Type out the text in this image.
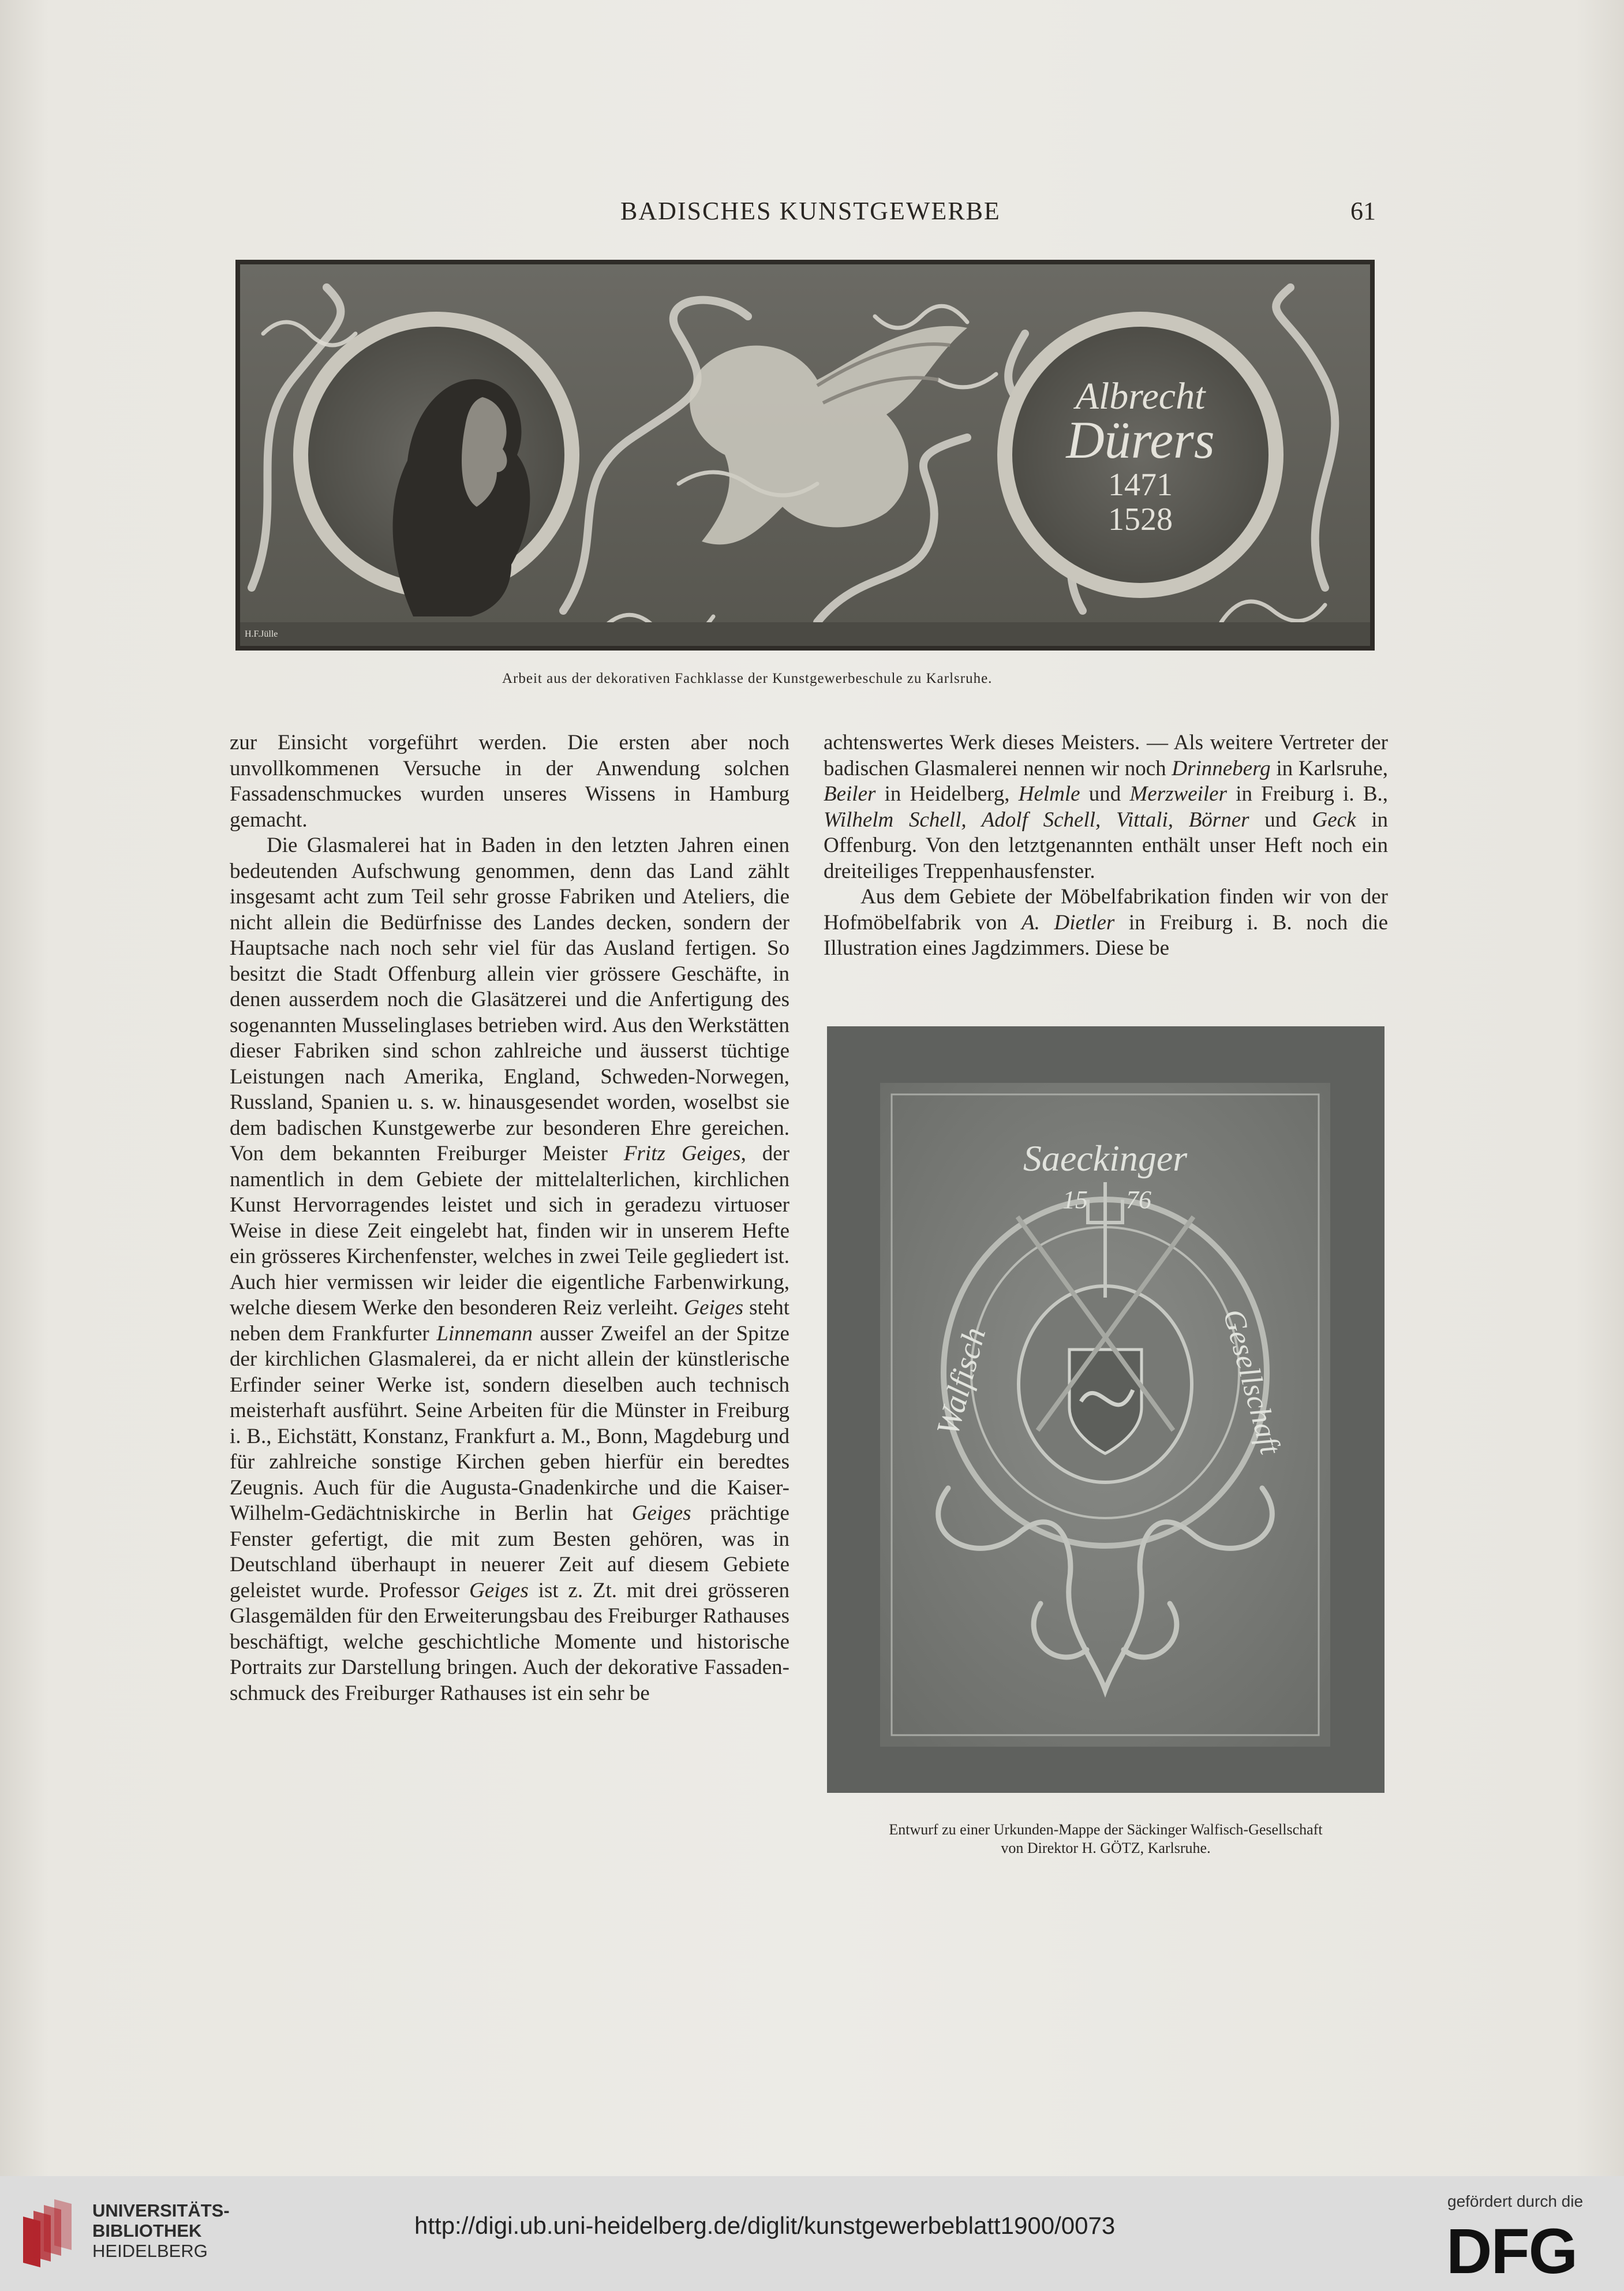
BADISCHES KUNSTGEWERBE	61
Albrecht
Dürers
1471
1528
H.F.Jülle
Arbeit aus der dekorativen Fachklasse der Kunstgewerbeschule zu Karlsruhe.

zur Einsicht vorgeführt werden. Die ersten aber noch unvollkommenen Versuche in der Anwendung solchen Fassadenschmuckes wurden unseres Wissens in Hamburg gemacht.

Die Glasmalerei hat in Baden in den letzten Jahren einen bedeutenden Aufschwung genommen, denn das Land zählt insgesamt acht zum Teil sehr grosse Fabriken und Ateliers, die nicht allein die Bedürfnisse des Landes decken, sondern der Hauptsache nach noch sehr viel für das Ausland fertigen. So besitzt die Stadt Offenburg allein vier grössere Geschäfte, in denen ausserdem noch die Glasätzerei und die Anfertigung des sogenannten Musselinglases betrieben wird. Aus den Werkstätten dieser Fabriken sind schon zahlreiche und äusserst tüchtige Leistungen nach Amerika, England, Schweden-Norwegen, Russland, Spanien u. s. w. hinausgesendet worden, woselbst sie dem badischen Kunstgewerbe zur besonderen Ehre gereichen. Von dem bekannten Freiburger Meister Fritz Geiges, der namentlich in dem Gebiete der mittelalterlichen, kirchlichen Kunst Hervorragendes leistet und sich in geradezu virtuoser Weise in diese Zeit eingelebt hat, finden wir in unserem Hefte ein grösseres Kirchenfenster, welches in zwei Teile gegliedert ist. Auch hier vermissen wir leider die eigentliche Farbenwirkung, welche diesem Werke den besonderen Reiz verleiht. Geiges steht neben dem Frankfurter Linnemann ausser Zweifel an der Spitze der kirchlichen Glasmalerei, da er nicht allein der künstlerische Erfinder seiner Werke ist, sondern dieselben auch technisch meisterhaft ausführt. Seine Arbeiten für die Münster in Freiburg i. B., Eichstätt, Konstanz, Frankfurt a. M., Bonn, Magdeburg und für zahlreiche sonstige Kirchen geben hierfür ein beredtes Zeugnis. Auch für die Augusta-Gnadenkirche und die Kaiser-Wilhelm-Gedächtniskirche in Berlin hat Geiges prächtige Fenster gefertigt, die mit zum Besten gehören, was in Deutschland überhaupt in neuerer Zeit auf diesem Gebiete geleistet wurde. Professor Geiges ist z. Zt. mit drei grösseren Glasgemälden für den Erweiterungsbau des Freiburger Rathauses beschäftigt, welche geschichtliche Momente und historische Portraits zur Darstellung bringen. Auch der dekorative Fassadenschmuck des Freiburger Rathauses ist ein sehr be

achtenswertes Werk dieses Meisters. — Als weitere Vertreter der badischen Glasmalerei nennen wir noch Drinneberg in Karlsruhe, Beiler in Heidelberg, Helmle und Merzweiler in Freiburg i. B., Wilhelm Schell, Adolf Schell, Vittali, Börner und Geck in Offenburg. Von den letztgenannten enthält unser Heft noch ein dreiteiliges Treppenhausfenster.

Aus dem Gebiete der Möbelfabrikation finden wir von der Hofmöbelfabrik von A. Dietler in Freiburg i. B. noch die Illustration eines Jagdzimmers. Diese be

Saeckinger
15 76
Walfisch	Gesellschaft
Entwurf zu einer Urkunden-Mappe der Säckinger Walfisch-Gesellschaft
von Direktor H. GÖTZ, Karlsruhe.
UNIVERSITÄTS-
BIBLIOTHEK
HEIDELBERG
http://digi.ub.uni-heidelberg.de/diglit/kunstgewerbeblatt1900/0073
gefördert durch die
DFG
